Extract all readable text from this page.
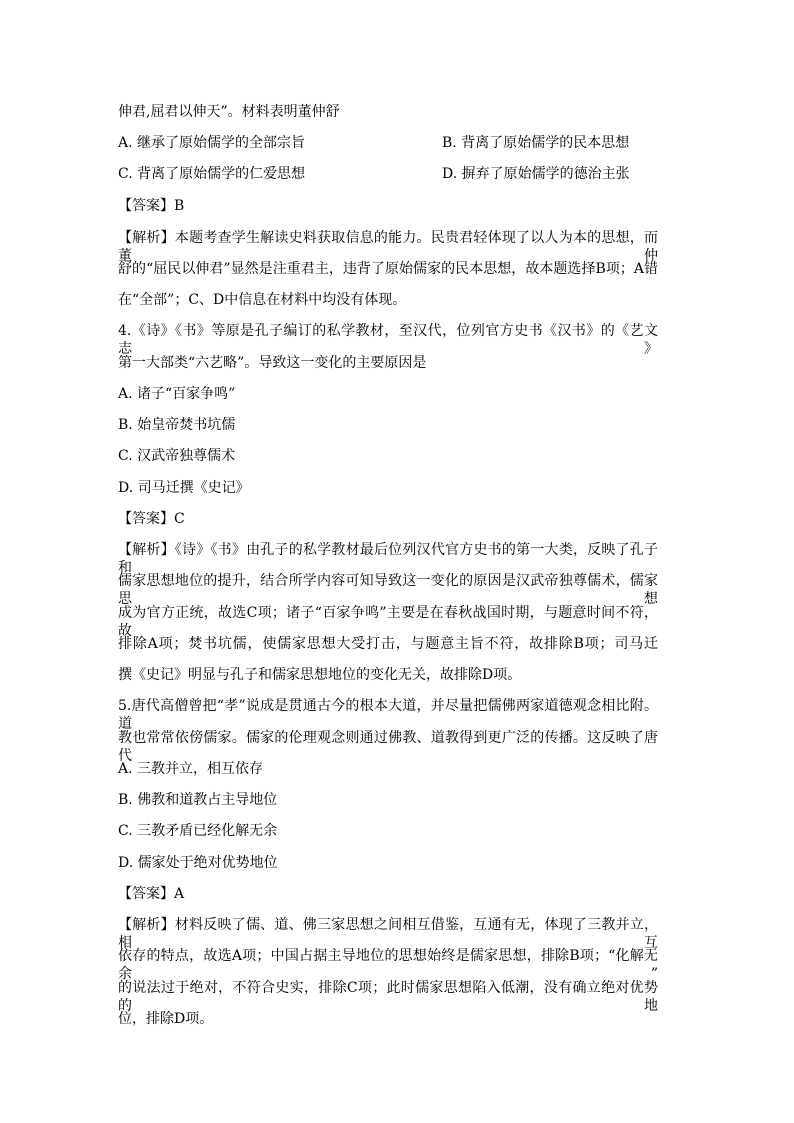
伸君,屈君以伸天”。材料表明董仲舒
A. 继承了原始儒学的全部宗旨	B. 背离了原始儒学的民本思想
C. 背离了原始儒学的仁爱思想	D. 摒弃了原始儒学的德治主张
【答案】B
【解析】本题考查学生解读史料获取信息的能力。民贵君轻体现了以人为本的思想，而董仲
舒的“屈民以伸君”显然是注重君主，违背了原始儒家的民本思想，故本题选择B项；A错
在“全部”；C、D中信息在材料中均没有体现。
4.《诗》《书》等原是孔子编订的私学教材，至汉代，位列官方史书《汉书》的《艺文志》
第一大部类“六艺略”。导致这一变化的主要原因是
A. 诸子“百家争鸣”
B. 始皇帝焚书坑儒
C. 汉武帝独尊儒术
D. 司马迁撰《史记》
【答案】C
【解析】《诗》《书》由孔子的私学教材最后位列汉代官方史书的第一大类，反映了孔子和
儒家思想地位的提升，结合所学内容可知导致这一变化的原因是汉武帝独尊儒术，儒家思想
成为官方正统，故选C项；诸子“百家争鸣”主要是在春秋战国时期，与题意时间不符，故
排除A项；焚书坑儒，使儒家思想大受打击，与题意主旨不符，故排除B项；司马迁
撰《史记》明显与孔子和儒家思想地位的变化无关，故排除D项。
5.唐代高僧曾把“孝”说成是贯通古今的根本大道，并尽量把儒佛两家道德观念相比附。道
教也常常依傍儒家。儒家的伦理观念则通过佛教、道教得到更广泛的传播。这反映了唐代
A. 三教并立，相互依存
B. 佛教和道教占主导地位
C. 三教矛盾已经化解无余
D. 儒家处于绝对优势地位
【答案】A
【解析】材料反映了儒、道、佛三家思想之间相互借鉴，互通有无，体现了三教并立，相互
依存的特点，故选A项；中国占据主导地位的思想始终是儒家思想，排除B项；“化解无余”
的说法过于绝对，不符合史实，排除C项；此时儒家思想陷入低潮，没有确立绝对优势的地
位，排除D项。
